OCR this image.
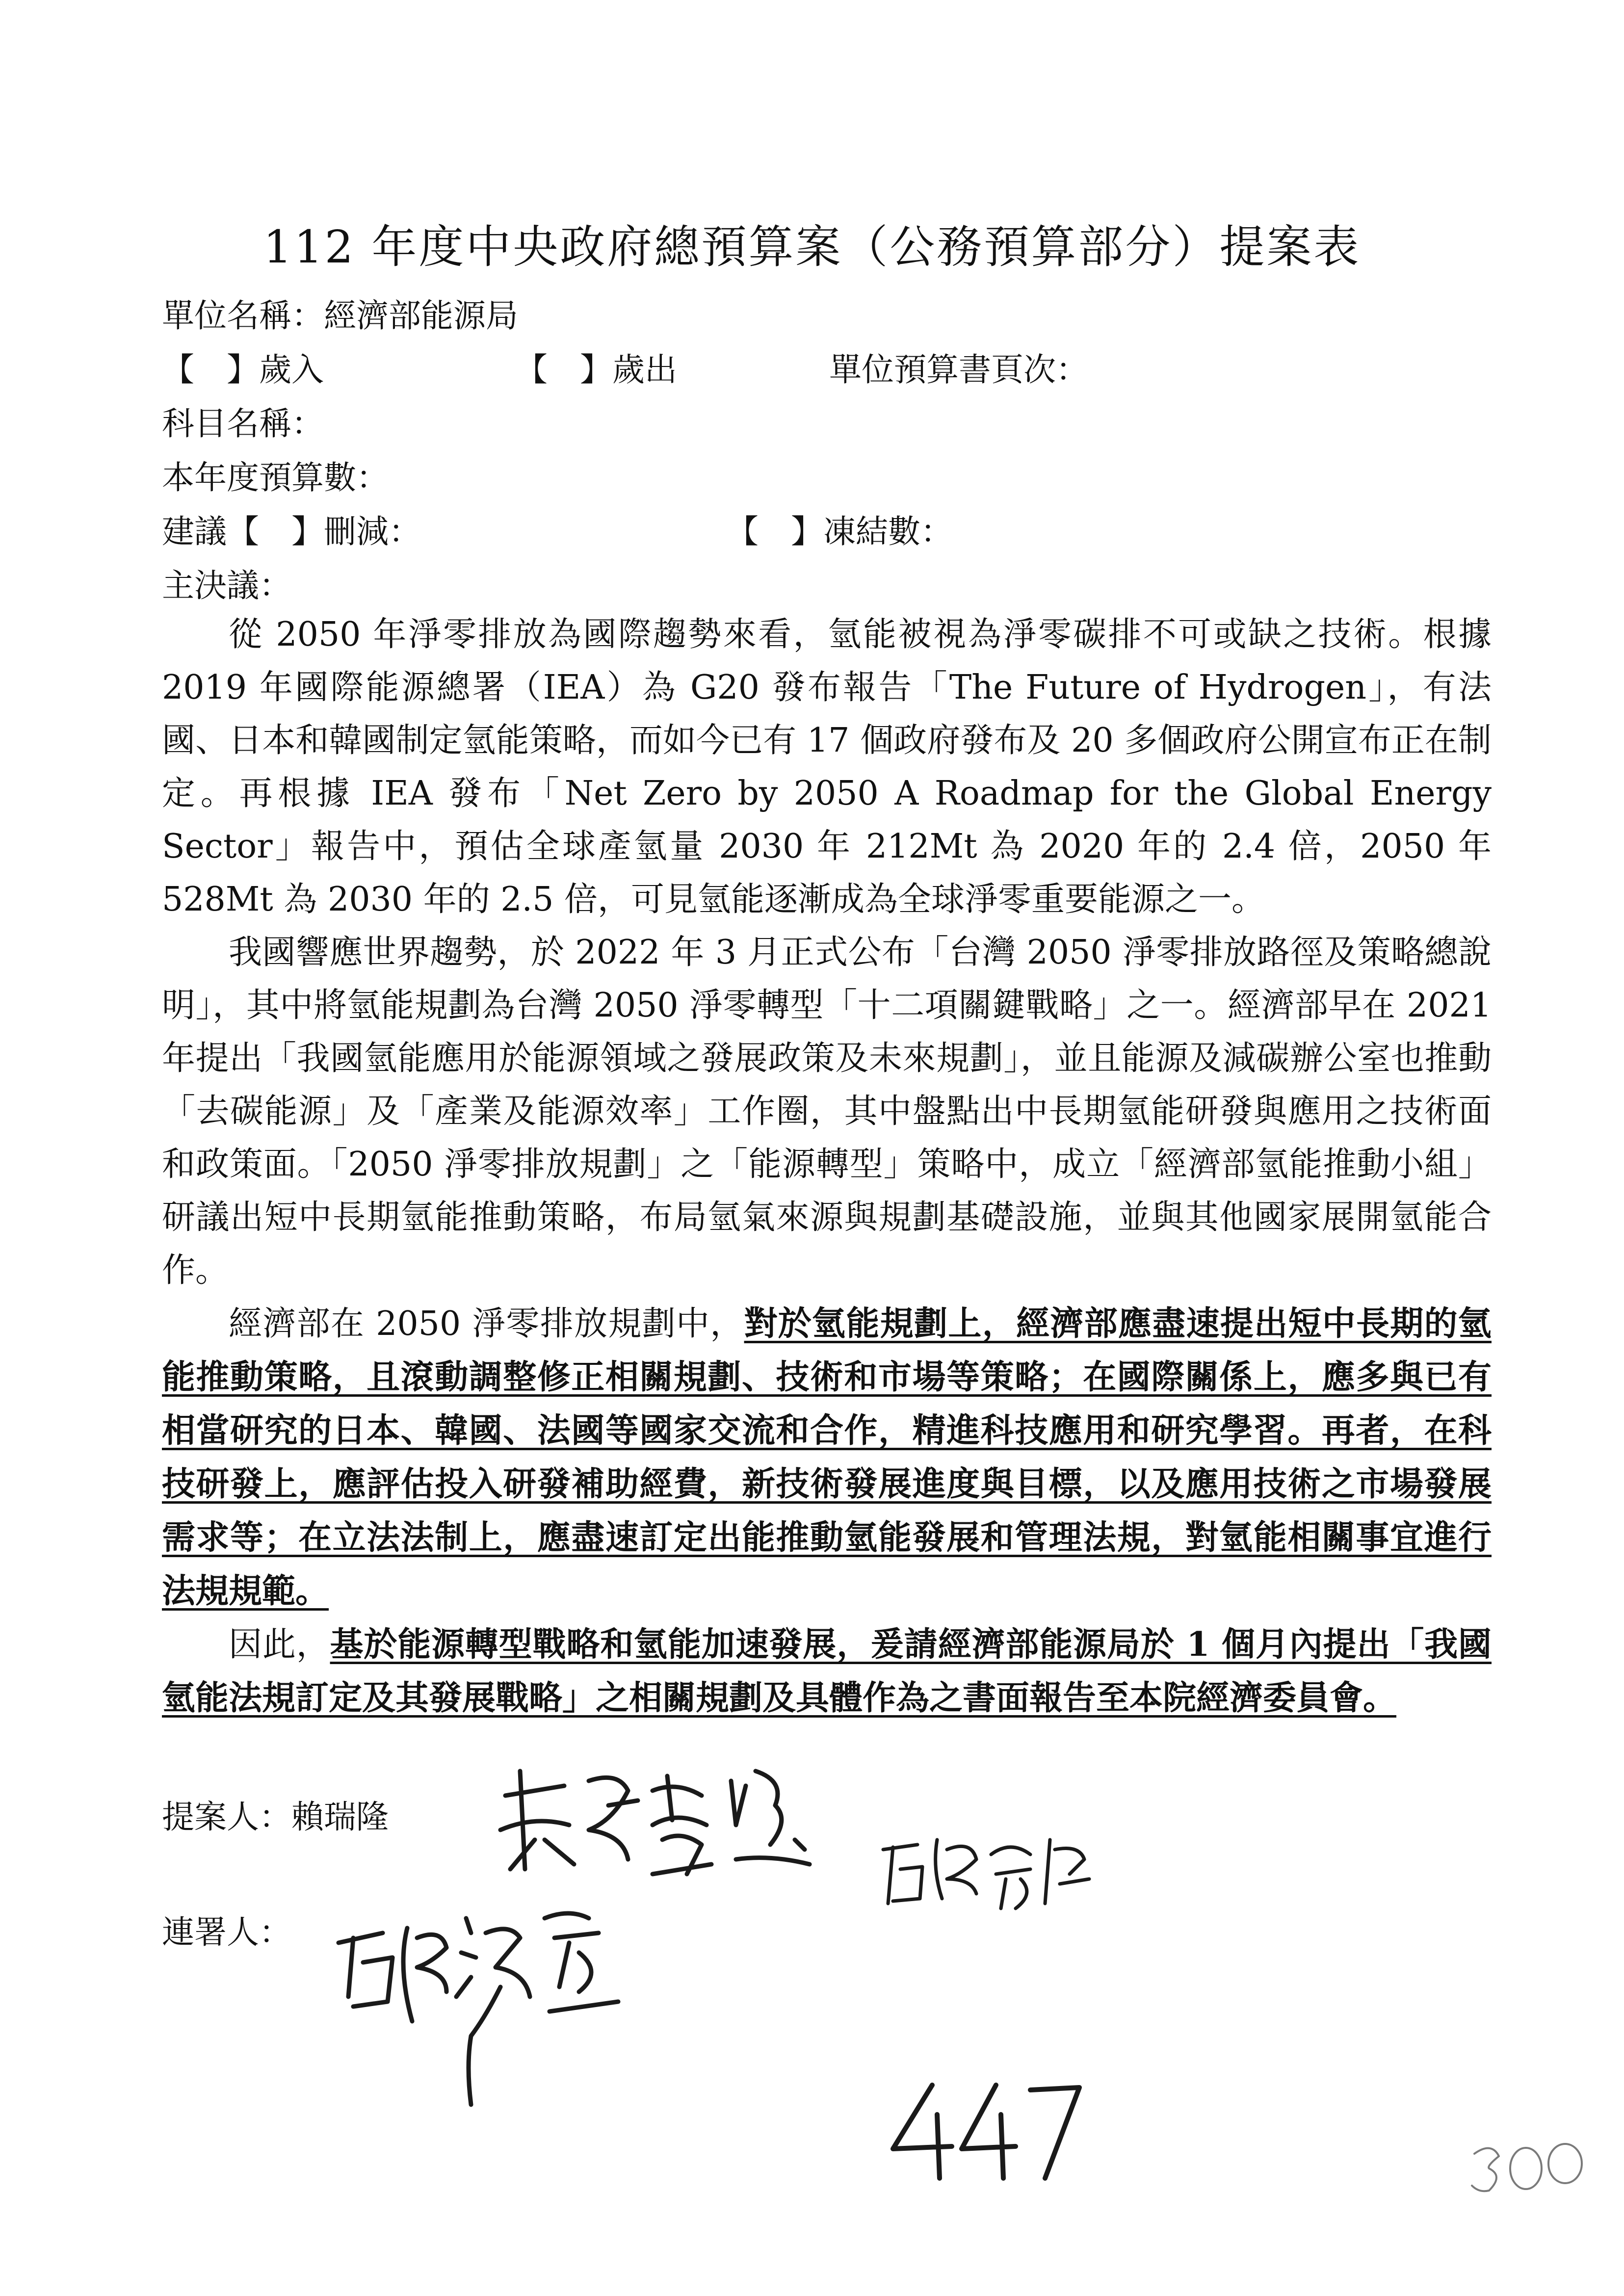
112 年度中央政府總預算案（公務預算部分）提案表
單位名稱：經濟部能源局
【　】歲入	【　】歲出	單位預算書頁次：
科目名稱：
本年度預算數：
建議【　】刪減：	【　】凍結數：
主決議：

從 2050 年淨零排放為國際趨勢來看，氫能被視為淨零碳排不可或缺之技術。根據 2019 年國際能源總署（IEA）為 G20 發布報告「The Future of Hydrogen」，有法國、日本和韓國制定氫能策略，而如今已有 17 個政府發布及 20 多個政府公開宣布正在制定。再根據 IEA 發布「Net Zero by 2050 A Roadmap for the Global Energy Sector」報告中，預估全球產氫量 2030 年 212Mt 為 2020 年的 2.4 倍，2050 年 528Mt 為 2030 年的 2.5 倍，可見氫能逐漸成為全球淨零重要能源之一。

我國響應世界趨勢，於 2022 年 3 月正式公布「台灣 2050 淨零排放路徑及策略總說明」，其中將氫能規劃為台灣 2050 淨零轉型「十二項關鍵戰略」之一。經濟部早在 2021 年提出「我國氫能應用於能源領域之發展政策及未來規劃」，並且能源及減碳辦公室也推動「去碳能源」及「產業及能源效率」工作圈，其中盤點出中長期氫能研發與應用之技術面和政策面。「2050 淨零排放規劃」之「能源轉型」策略中，成立「經濟部氫能推動小組」研議出短中長期氫能推動策略，布局氫氣來源與規劃基礎設施，並與其他國家展開氫能合作。

經濟部在 2050 淨零排放規劃中，對於氫能規劃上，經濟部應盡速提出短中長期的氫能推動策略，且滾動調整修正相關規劃、技術和市場等策略；在國際關係上，應多與已有相當研究的日本、韓國、法國等國家交流和合作，精進科技應用和研究學習。再者，在科技研發上，應評估投入研發補助經費，新技術發展進度與目標，以及應用技術之市場發展需求等；在立法法制上，應盡速訂定出能推動氫能發展和管理法規，對氫能相關事宜進行法規規範。

因此，基於能源轉型戰略和氫能加速發展，爰請經濟部能源局於 1 個月內提出「我國氫能法規訂定及其發展戰略」之相關規劃及具體作為之書面報告至本院經濟委員會。

提案人：賴瑞隆
連署人：
